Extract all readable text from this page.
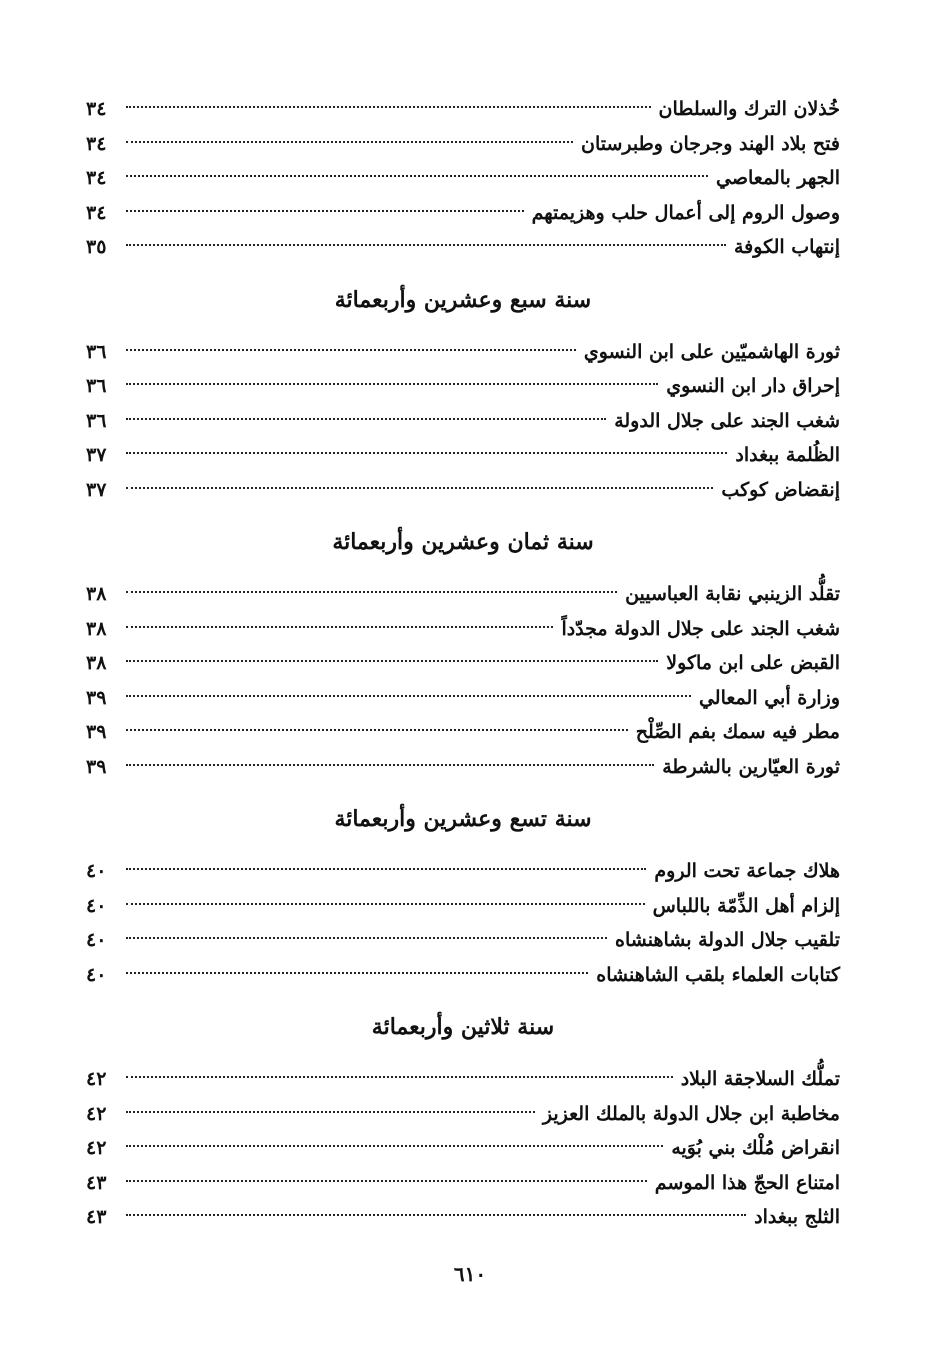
خُذلان الترك والسلطان
٣٤
فتح بلاد الهند وجرجان وطبرستان
٣٤
الجهر بالمعاصي
٣٤
وصول الروم إلى أعمال حلب وهزيمتهم
٣٤
إنتهاب الكوفة
٣٥
سنة سبع وعشرين وأربعمائة
ثورة الهاشميّين على ابن النسوي
٣٦
إحراق دار ابن النسوي
٣٦
شغب الجند على جلال الدولة
٣٦
الظُلمة ببغداد
٣٧
إنقضاض كوكب
٣٧
سنة ثمان وعشرين وأربعمائة
تقلُّد الزينبي نقابة العباسيين
٣٨
شغب الجند على جلال الدولة مجدّداً
٣٨
القبض على ابن ماكولا
٣٨
وزارة أبي المعالي
٣٩
مطر فيه سمك بفم الصِّلْح
٣٩
ثورة العيّارين بالشرطة
٣٩
سنة تسع وعشرين وأربعمائة
هلاك جماعة تحت الروم
٤٠
إلزام أهل الذِّمّة باللباس
٤٠
تلقيب جلال الدولة بشاهنشاه
٤٠
كتابات العلماء بلقب الشاهنشاه
٤٠
سنة ثلاثين وأربعمائة
تملُّك السلاجقة البلاد
٤٢
مخاطبة ابن جلال الدولة بالملك العزيز
٤٢
انقراض مُلْك بني بُوَيه
٤٢
امتناع الحجّ هذا الموسم
٤٣
الثلج ببغداد
٤٣
٦١٠
